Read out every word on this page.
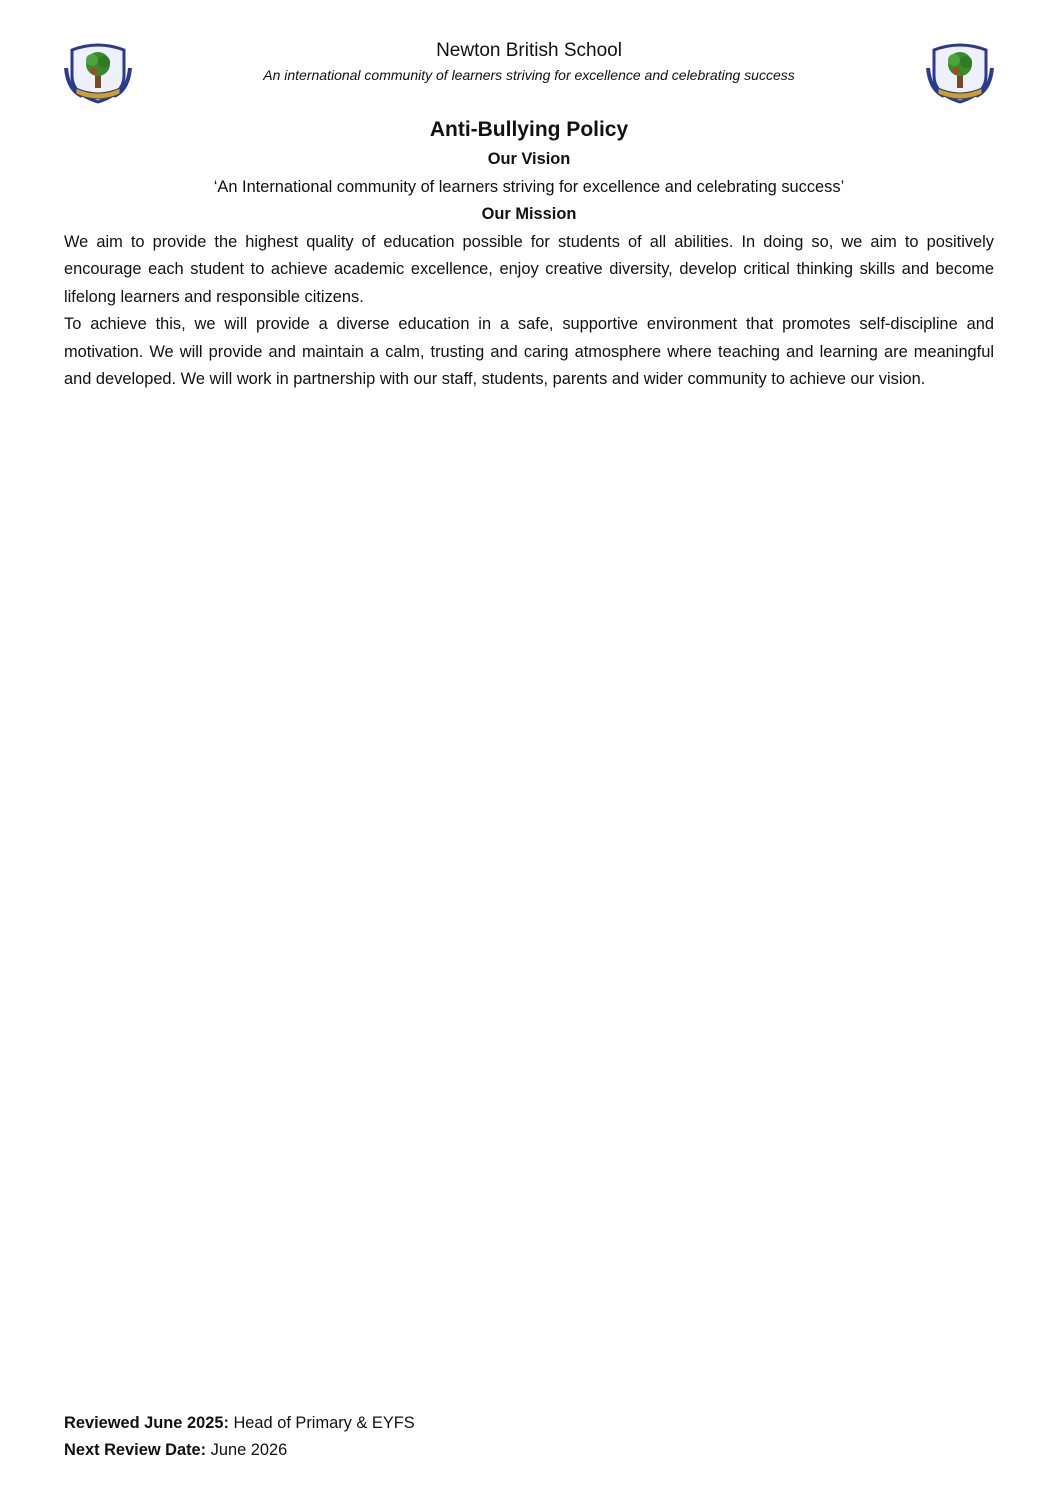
Newton British School
An international community of learners striving for excellence and celebrating success
Anti-Bullying Policy
Our Vision
‘An International community of learners striving for excellence and celebrating success’
Our Mission

We aim to provide the highest quality of education possible for students of all abilities. In doing so, we aim to positively encourage each student to achieve academic excellence, enjoy creative diversity, develop critical thinking skills and become lifelong learners and responsible citizens.

To achieve this, we will provide a diverse education in a safe, supportive environment that promotes self-discipline and motivation. We will provide and maintain a calm, trusting and caring atmosphere where teaching and learning are meaningful and developed. We will work in partnership with our staff, students, parents and wider community to achieve our vision.

Reviewed June 2025: Head of Primary & EYFS
Next Review Date: June 2026
